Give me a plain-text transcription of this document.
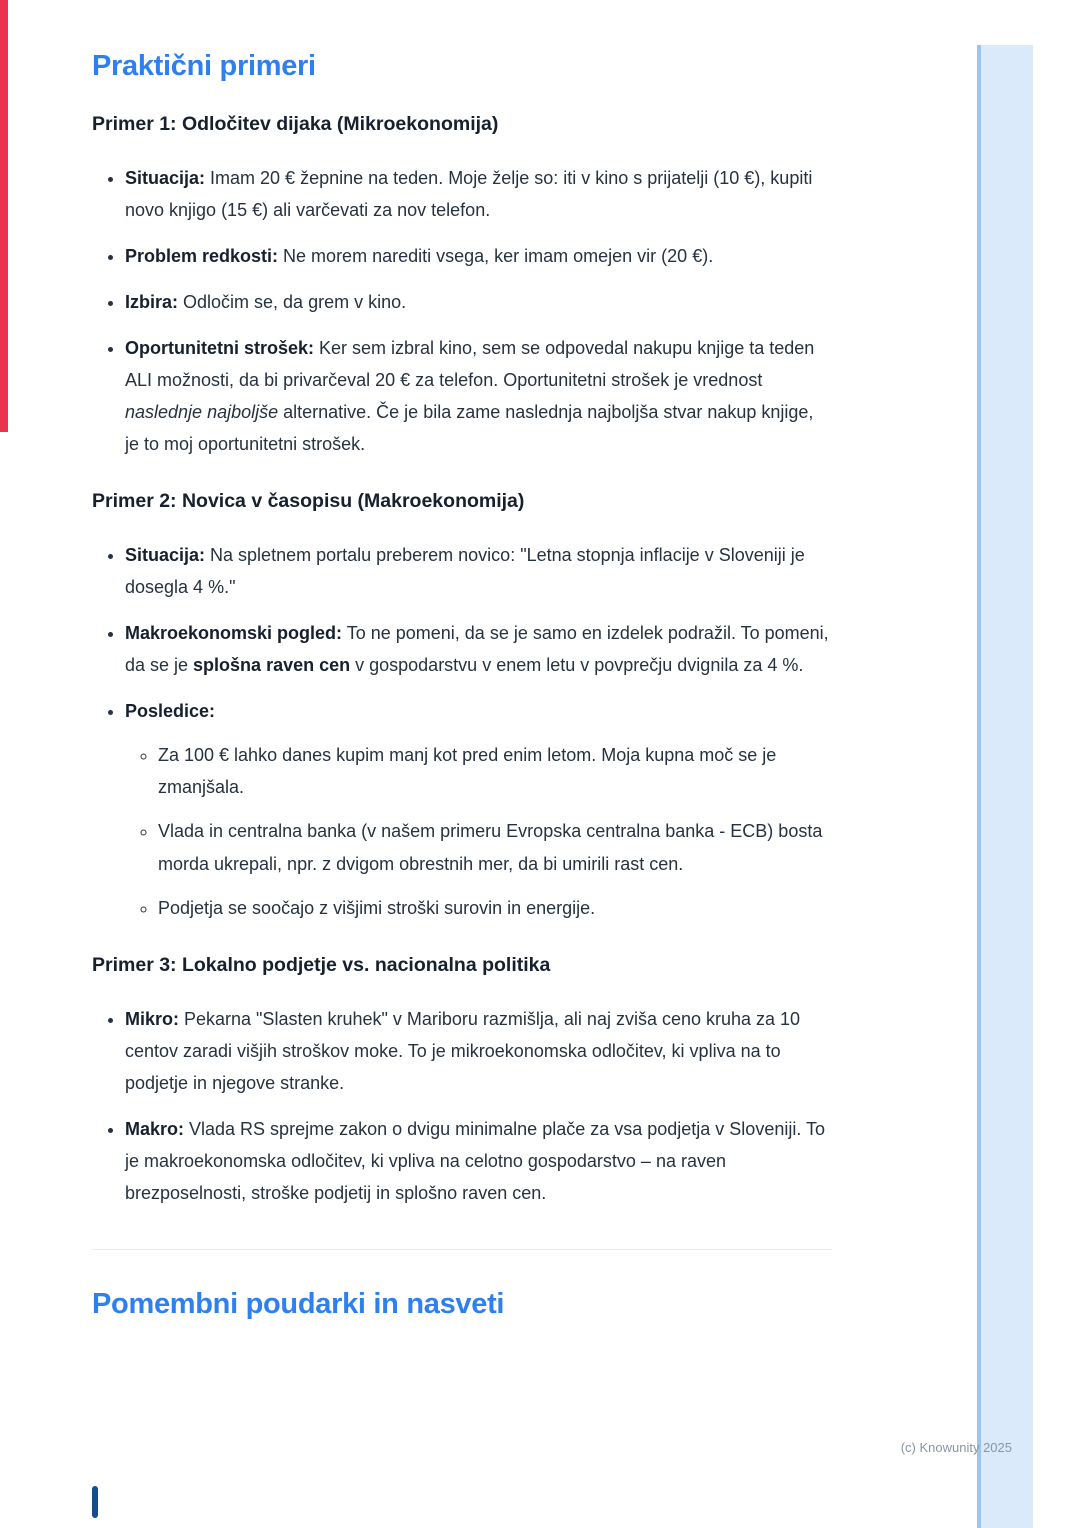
(c) Knowunity 2025
Praktični primeri
Primer 1: Odločitev dijaka (Mikroekonomija)
• Situacija: Imam 20 € žepnine na teden. Moje želje so: iti v kino s prijatelji (10 €), kupiti novo knjigo (15 €) ali varčevati za nov telefon.
• Problem redkosti: Ne morem narediti vsega, ker imam omejen vir (20 €).
• Izbira: Odločim se, da grem v kino.
• Oportunitetni strošek: Ker sem izbral kino, sem se odpovedal nakupu knjige ta teden ALI možnosti, da bi privarčeval 20 € za telefon. Oportunitetni strošek je vrednost naslednje najboljše alternative. Če je bila zame naslednja najboljša stvar nakup knjige, je to moj oportunitetni strošek.
Primer 2: Novica v časopisu (Makroekonomija)
• Situacija: Na spletnem portalu preberem novico: "Letna stopnja inflacije v Sloveniji je dosegla 4 %."
• Makroekonomski pogled: To ne pomeni, da se je samo en izdelek podražil. To pomeni, da se je splošna raven cen v gospodarstvu v enem letu v povprečju dvignila za 4 %.
• Posledice:
◦ Za 100 € lahko danes kupim manj kot pred enim letom. Moja kupna moč se je zmanjšala.
◦ Vlada in centralna banka (v našem primeru Evropska centralna banka - ECB) bosta morda ukrepali, npr. z dvigom obrestnih mer, da bi umirili rast cen.
◦ Podjetja se soočajo z višjimi stroški surovin in energije.
Primer 3: Lokalno podjetje vs. nacionalna politika
• Mikro: Pekarna "Slasten kruhek" v Mariboru razmišlja, ali naj zviša ceno kruha za 10 centov zaradi višjih stroškov moke. To je mikroekonomska odločitev, ki vpliva na to podjetje in njegove stranke.
• Makro: Vlada RS sprejme zakon o dvigu minimalne plače za vsa podjetja v Sloveniji. To je makroekonomska odločitev, ki vpliva na celotno gospodarstvo – na raven brezposelnosti, stroške podjetij in splošno raven cen.
Pomembni poudarki in nasveti
